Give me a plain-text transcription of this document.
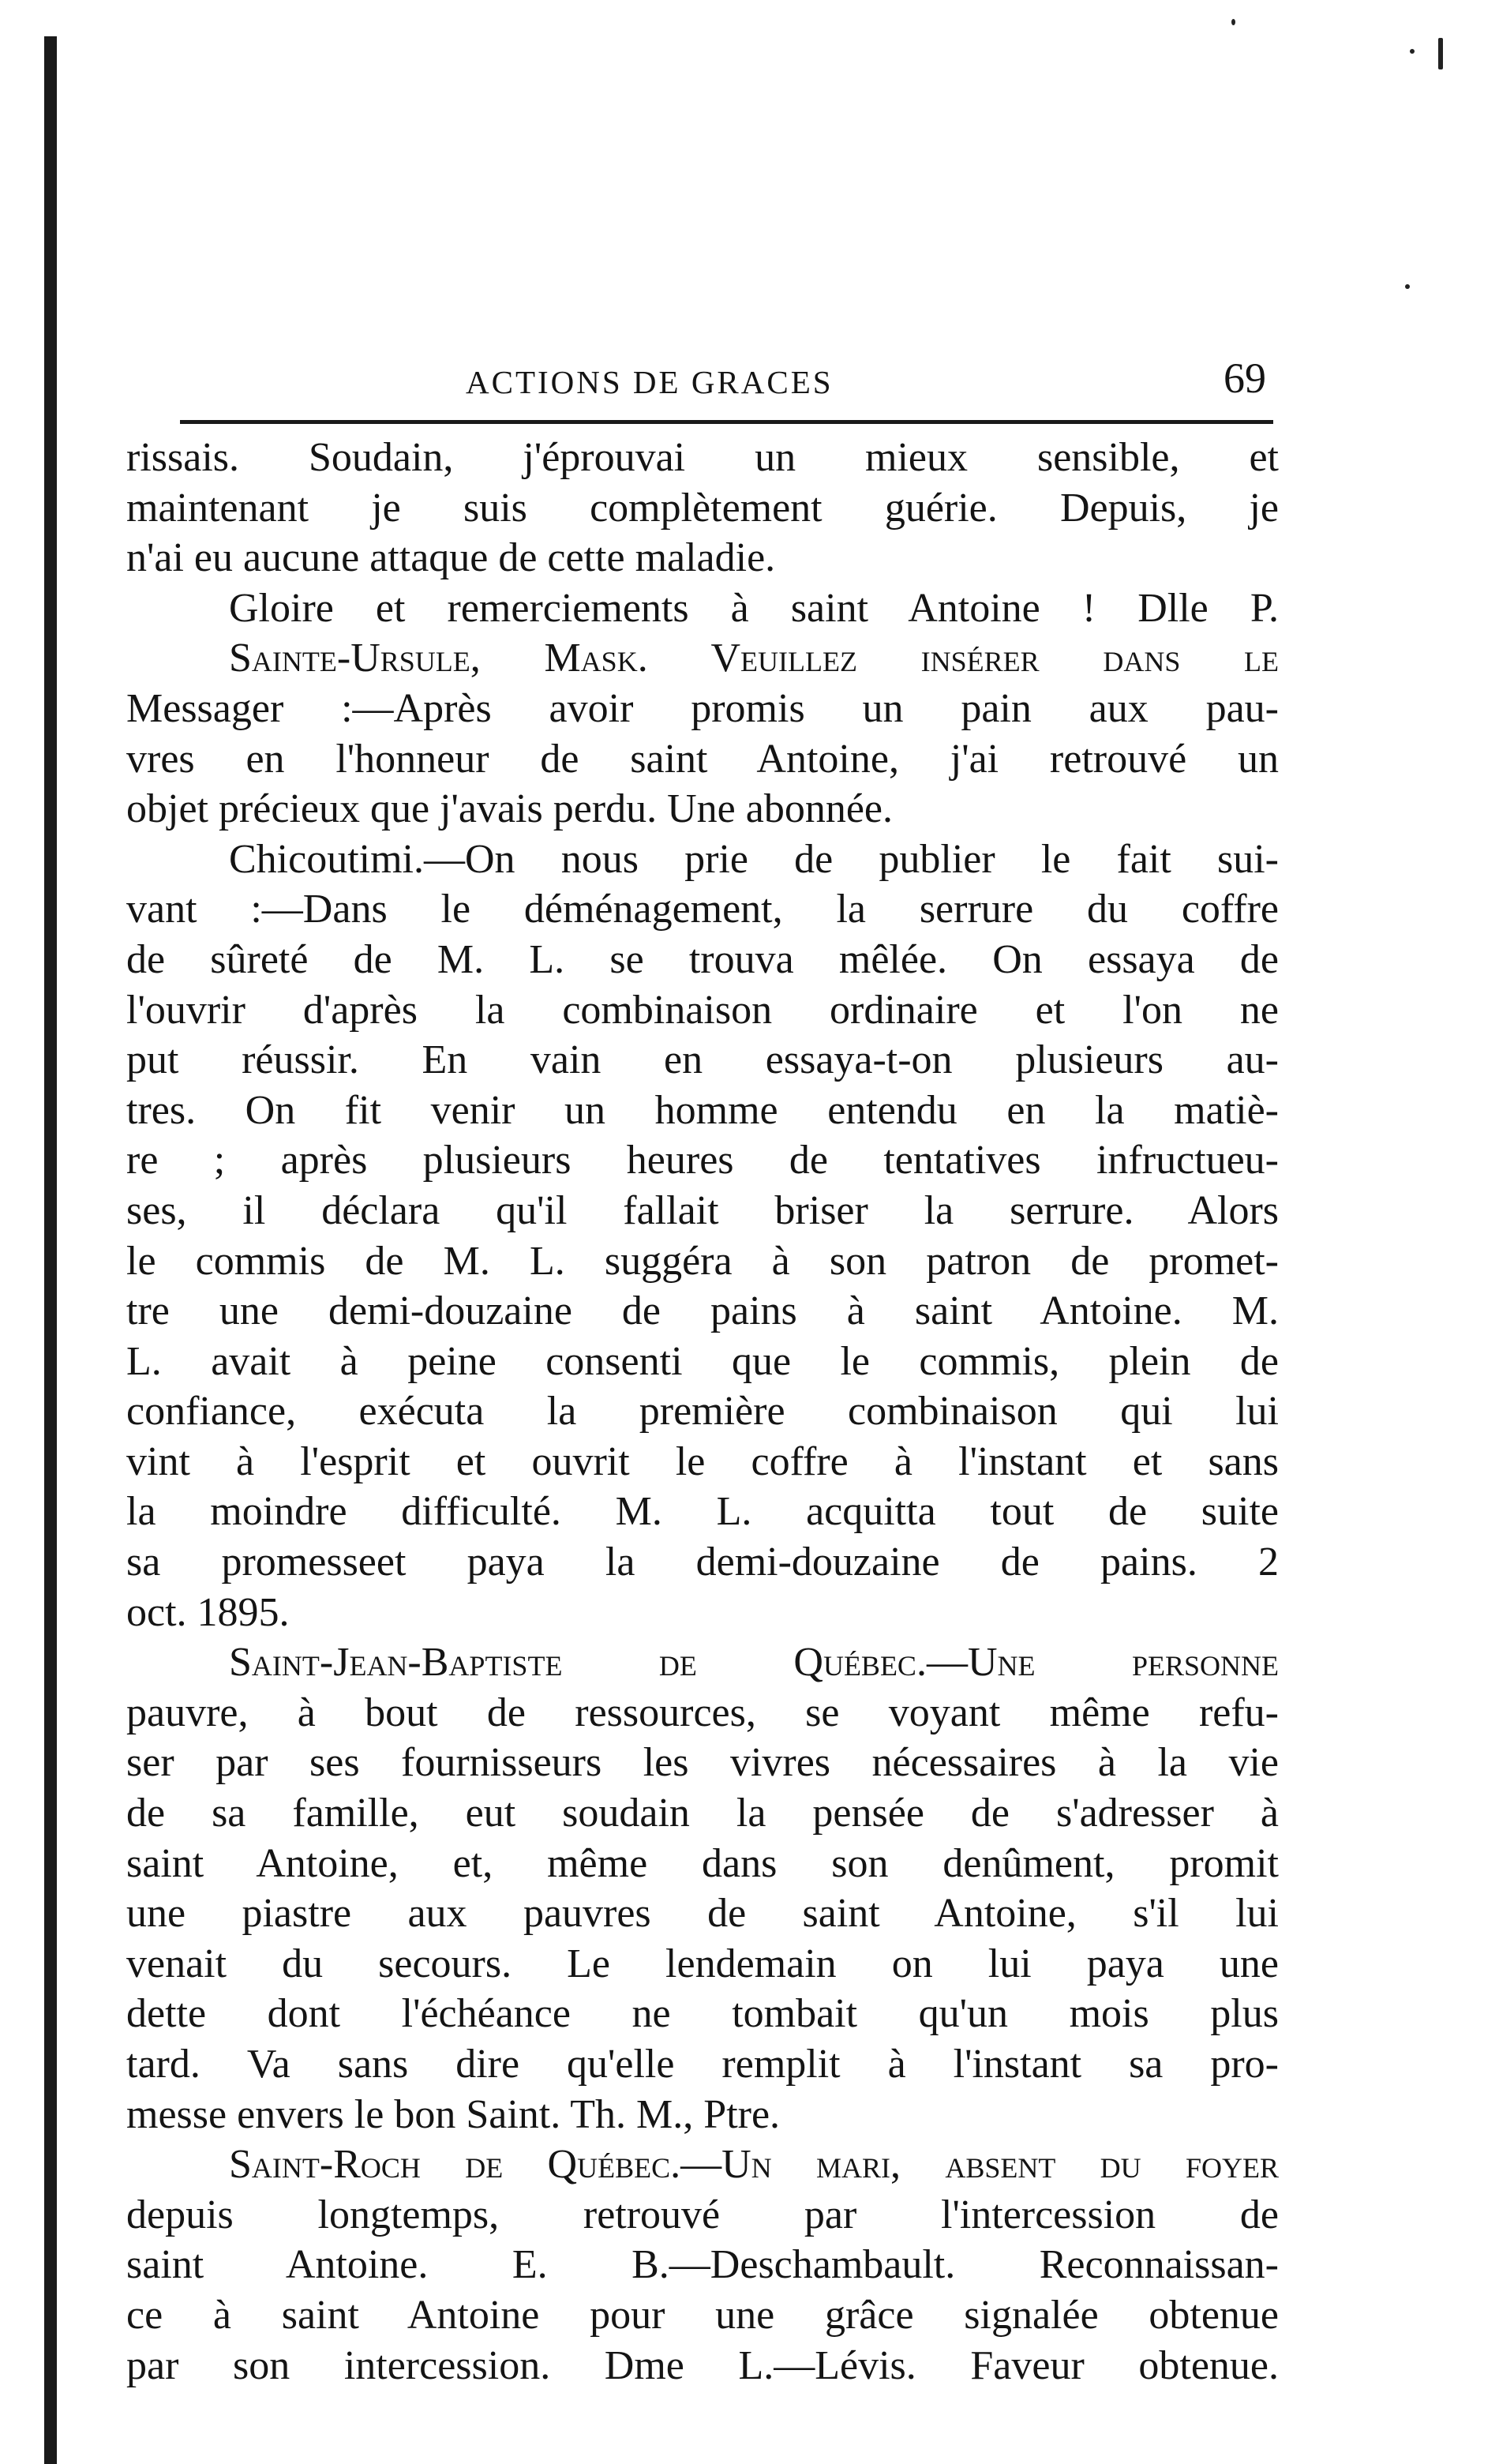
ACTIONS DE GRACES	69
rissais. Soudain, j'éprouvai un mieux sensible, et
maintenant je suis complètement guérie. Depuis, je
n'ai eu aucune attaque de cette maladie.
Gloire et remerciements à saint Antoine ! Dlle P.
Sainte-Ursule, Mask. Veuillez insérer dans le
Messager :—Après avoir promis un pain aux pau-
vres en l'honneur de saint Antoine, j'ai retrouvé un
objet précieux que j'avais perdu. Une abonnée.
Chicoutimi.—On nous prie de publier le fait sui-
vant :—Dans le déménagement, la serrure du coffre
de sûreté de M. L. se trouva mêlée. On essaya de
l'ouvrir d'après la combinaison ordinaire et l'on ne
put réussir. En vain en essaya-t-on plusieurs au-
tres. On fit venir un homme entendu en la matiè-
re ; après plusieurs heures de tentatives infructueu-
ses, il déclara qu'il fallait briser la serrure. Alors
le commis de M. L. suggéra à son patron de promet-
tre une demi-douzaine de pains à saint Antoine. M.
L. avait à peine consenti que le commis, plein de
confiance, exécuta la première combinaison qui lui
vint à l'esprit et ouvrit le coffre à l'instant et sans
la moindre difficulté. M. L. acquitta tout de suite
sa promesseet paya la demi-douzaine de pains. 2
oct. 1895.
Saint-Jean-Baptiste de Québec.—Une personne
pauvre, à bout de ressources, se voyant même refu-
ser par ses fournisseurs les vivres nécessaires à la vie
de sa famille, eut soudain la pensée de s'adresser à
saint Antoine, et, même dans son denûment, promit
une piastre aux pauvres de saint Antoine, s'il lui
venait du secours. Le lendemain on lui paya une
dette dont l'échéance ne tombait qu'un mois plus
tard. Va sans dire qu'elle remplit à l'instant sa pro-
messe envers le bon Saint. Th. M., Ptre.
Saint-Roch de Québec.—Un mari, absent du foyer
depuis longtemps, retrouvé par l'intercession de
saint Antoine. E. B.—Deschambault. Reconnaissan-
ce à saint Antoine pour une grâce signalée obtenue
par son intercession. Dme L.—Lévis. Faveur obtenue.
